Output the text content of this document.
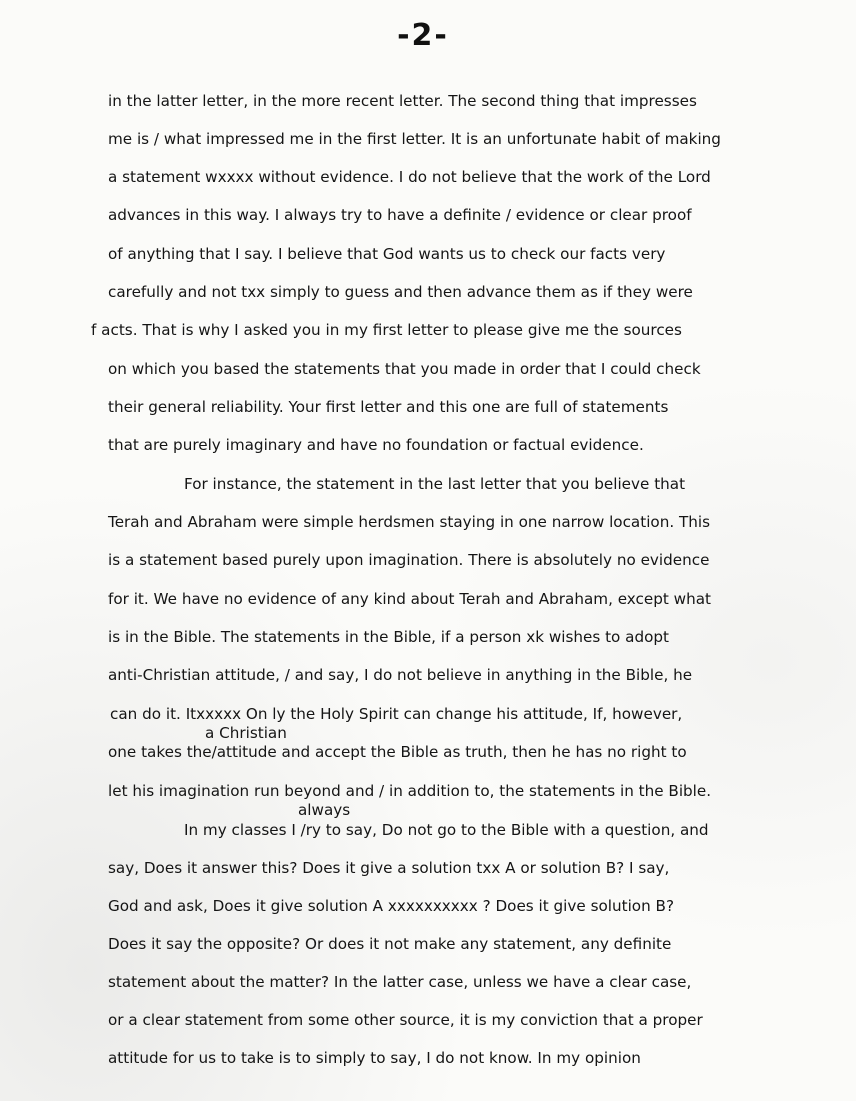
-2-
in the latter letter, in the more recent letter. The second thing that impresses
me is / what impressed me in the first letter. It is an unfortunate habit of making
a statement wxxxx without evidence. I do not believe that the work of the Lord
advances in this way. I always try to have a definite / evidence or clear proof
of anything that I say. I believe that God wants us to check our facts very
carefully and not txx simply to guess and then advance them as if they were
f acts. That is why I asked you in my first letter to please give me the sources
on which you based the statements that you made in order that I could check
their general reliability. Your first letter and this one are full of statements
that are purely imaginary and have no foundation or factual evidence.
For instance, the statement in the last letter that you believe that
Terah and Abraham were simple herdsmen staying in one narrow location. This
is a statement based purely upon imagination. There is absolutely no evidence
for it. We have no evidence of any kind about Terah and Abraham, except what
is in the Bible. The statements in the Bible, if a person xk wishes to adopt
anti-Christian attitude, / and say, I do not believe in anything in the Bible, he
can do it. Itxxxxx On ly the Holy Spirit can change his attitude, If, however,
a Christian
one takes the/attitude and accept the Bible as truth, then he has no right to
let his imagination run beyond and / in addition to, the statements in the Bible.
always
In my classes I /ry to say, Do not go to the Bible with a question, and
say, Does it answer this? Does it give a solution txx A or solution B? I say,
God and ask, Does it give solution A xxxxxxxxxx ? Does it give solution B?
Does it say the opposite? Or does it not make any statement, any definite
statement about the matter? In the latter case, unless we have a clear case,
or a clear statement from some other source, it is my conviction that a proper
attitude for us to take is to simply to say, I do not know. In my opinion
